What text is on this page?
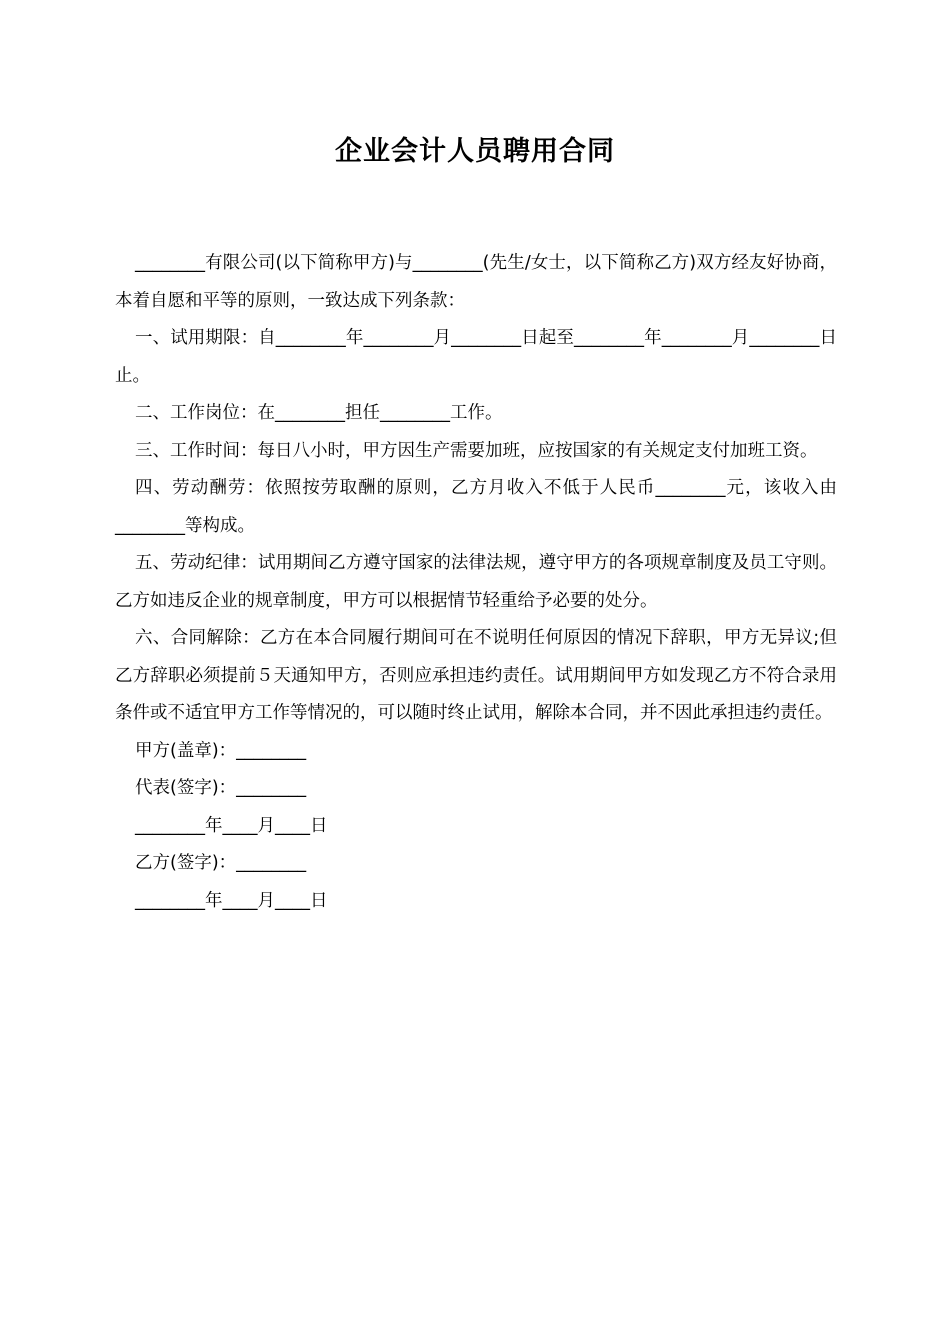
企业会计人员聘用合同

________有限公司(以下简称甲方)与________(先生/女士，以下简称乙方)双方经友好协商，本着自愿和平等的原则，一致达成下列条款：

一、试用期限：自________年________月________日起至________年________月________日止。

二、工作岗位：在________担任________工作。

三、工作时间：每日八小时，甲方因生产需要加班，应按国家的有关规定支付加班工资。

四、劳动酬劳：依照按劳取酬的原则，乙方月收入不低于人民币________元，该收入由________等构成。

五、劳动纪律：试用期间乙方遵守国家的法律法规，遵守甲方的各项规章制度及员工守则。乙方如违反企业的规章制度，甲方可以根据情节轻重给予必要的处分。

六、合同解除：乙方在本合同履行期间可在不说明任何原因的情况下辞职，甲方无异议;但乙方辞职必须提前５天通知甲方，否则应承担违约责任。试用期间甲方如发现乙方不符合录用条件或不适宜甲方工作等情况的，可以随时终止试用，解除本合同，并不因此承担违约责任。

甲方(盖章)：________

代表(签字)：________

________年____月____日

乙方(签字)：________

________年____月____日
